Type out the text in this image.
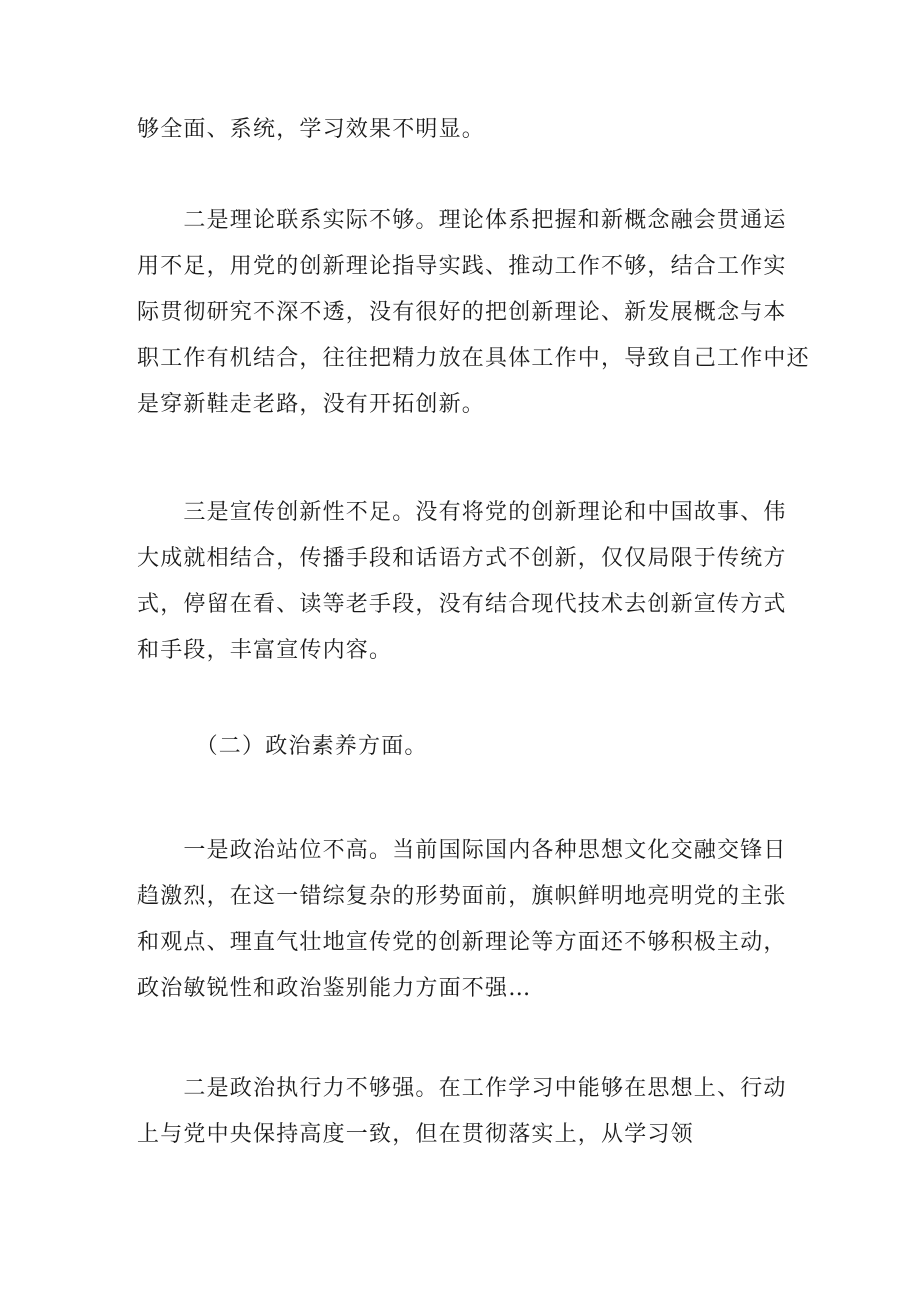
够全面、系统，学习效果不明显。

　　二是理论联系实际不够。理论体系把握和新概念融会贯通运
用不足，用党的创新理论指导实践、推动工作不够，结合工作实
际贯彻研究不深不透，没有很好的把创新理论、新发展概念与本
职工作有机结合，往往把精力放在具体工作中，导致自己工作中还
是穿新鞋走老路，没有开拓创新。

　　三是宣传创新性不足。没有将党的创新理论和中国故事、伟
大成就相结合，传播手段和话语方式不创新，仅仅局限于传统方
式，停留在看、读等老手段，没有结合现代技术去创新宣传方式
和手段，丰富宣传内容。

　　　（二）政治素养方面。

　　一是政治站位不高。当前国际国内各种思想文化交融交锋日
趋激烈，在这一错综复杂的形势面前，旗帜鲜明地亮明党的主张
和观点、理直气壮地宣传党的创新理论等方面还不够积极主动，
政治敏锐性和政治鉴别能力方面不强…

　　二是政治执行力不够强。在工作学习中能够在思想上、行动
上与党中央保持高度一致，但在贯彻落实上，从学习领
